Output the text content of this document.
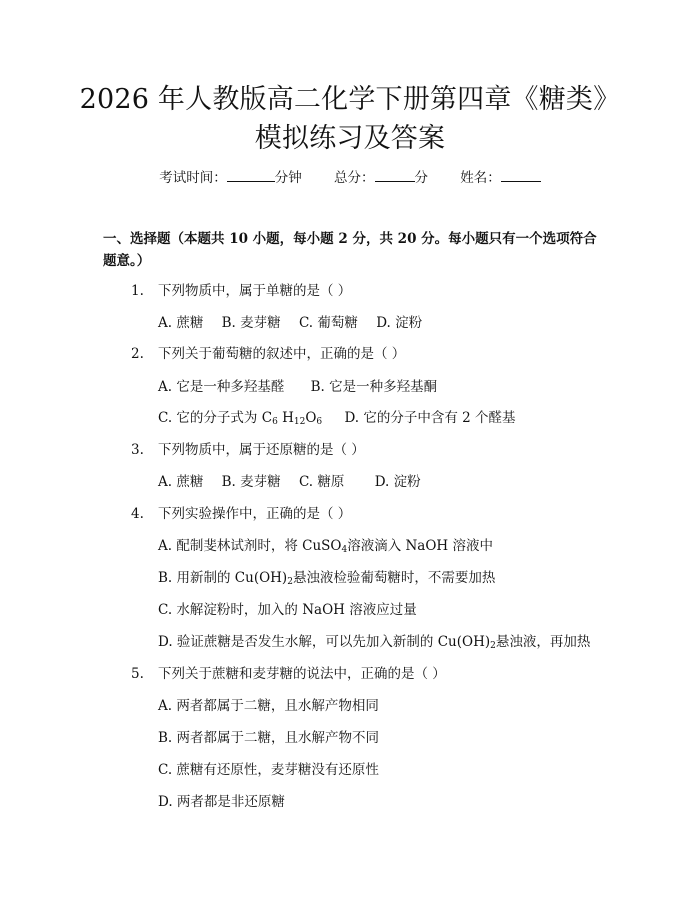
2026 年人教版高二化学下册第四章《糖类》
模拟练习及答案
考试时间：	分钟 总分：	分 姓名：
一、选择题（本题共 10 小题，每小题 2 分，共 20 分。每小题只有一个选项符合题意。）
1. 下列物质中，属于单糖的是（ ）
A. 蔗糖 B. 麦芽糖 C. 葡萄糖 D. 淀粉
2. 下列关于葡萄糖的叙述中，正确的是（ ）
A. 它是一种多羟基醛 B. 它是一种多羟基酮
C. 它的分子式为 $C_6$ $H_{12}O_6$ D. 它的分子中含有 2 个醛基
3. 下列物质中，属于还原糖的是（ ）
A. 蔗糖 B. 麦芽糖 C. 糖原 D. 淀粉
4. 下列实验操作中，正确的是（ ）
A. 配制斐林试剂时，将 CuSO$_4$溶液滴入 NaOH 溶液中
B. 用新制的 $Cu(OH)_2$悬浊液检验葡萄糖时，不需要加热
C. 水解淀粉时，加入的 NaOH 溶液应过量
D. 验证蔗糖是否发生水解，可以先加入新制的 $Cu(OH)_2$悬浊液，再加热
5. 下列关于蔗糖和麦芽糖的说法中，正确的是（ ）
A. 两者都属于二糖，且水解产物相同
B. 两者都属于二糖，且水解产物不同
C. 蔗糖有还原性，麦芽糖没有还原性
D. 两者都是非还原糖
